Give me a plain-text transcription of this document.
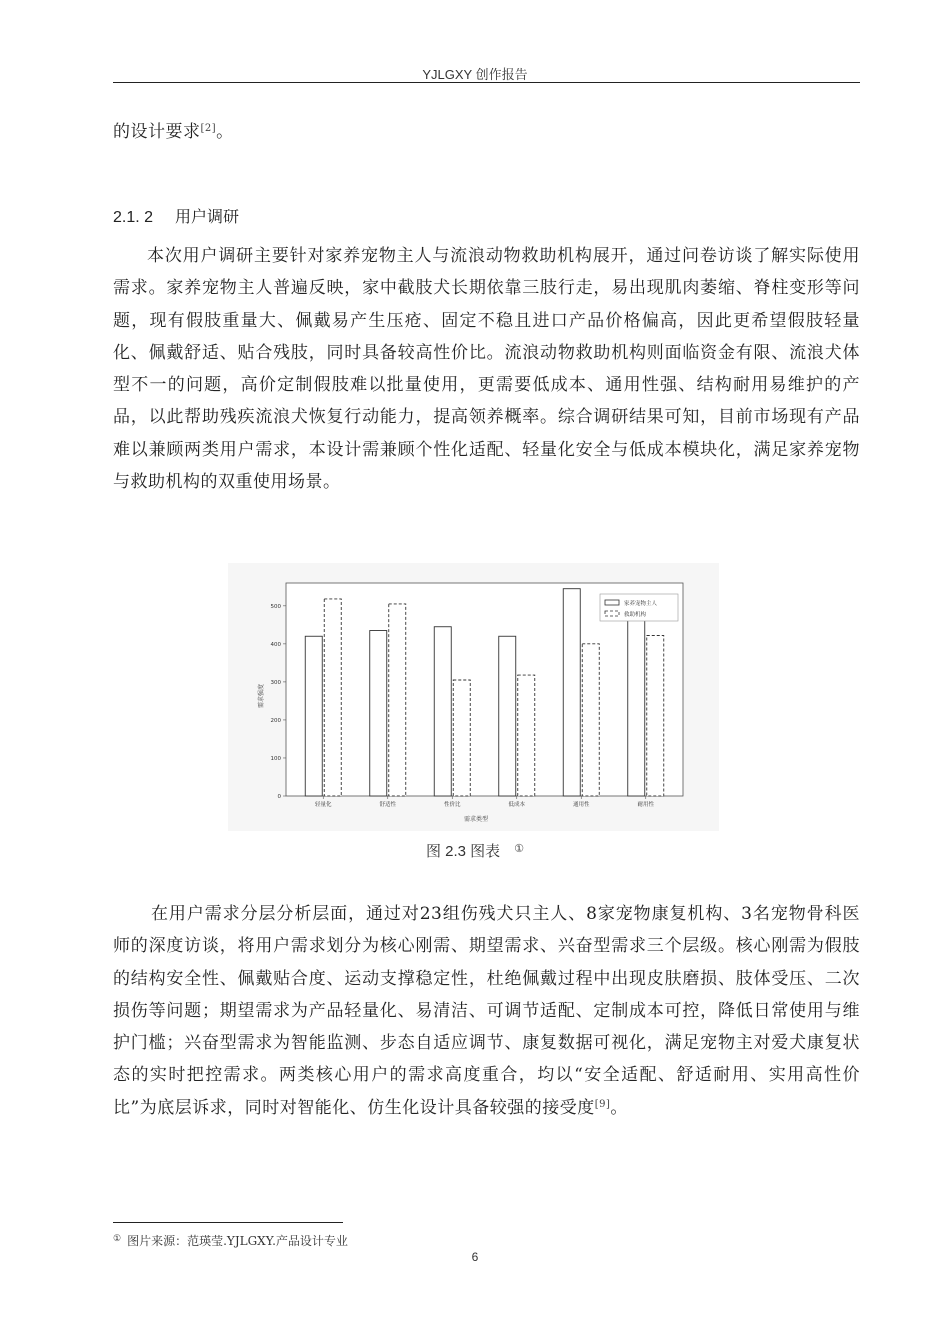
YJLGXY 创作报告

的设计要求[2]。

2.1. 2 用户调研

本次用户调研主要针对家养宠物主人与流浪动物救助机构展开，通过问卷访谈了解实际使用需求。家养宠物主人普遍反映，家中截肢犬长期依靠三肢行走，易出现肌肉萎缩、脊柱变形等问题，现有假肢重量大、佩戴易产生压疮、固定不稳且进口产品价格偏高，因此更希望假肢轻量化、佩戴舒适、贴合残肢，同时具备较高性价比。流浪动物救助机构则面临资金有限、流浪犬体型不一的问题，高价定制假肢难以批量使用，更需要低成本、通用性强、结构耐用易维护的产品，以此帮助残疾流浪犬恢复行动能力，提高领养概率。综合调研结果可知，目前市场现有产品难以兼顾两类用户需求，本设计需兼顾个性化适配、轻量化安全与低成本模块化，满足家养宠物与救助机构的双重使用场景。

需求强度
需求类型
0
100
200
300
400
500
轻量化	舒适性	性价比	低成本	通用性	耐用性
家养宠物主人
救助机构
图 2.3 图表 ①

在用户需求分层分析层面，通过对23组伤残犬只主人、8家宠物康复机构、3名宠物骨科医师的深度访谈，将用户需求划分为核心刚需、期望需求、兴奋型需求三个层级。核心刚需为假肢的结构安全性、佩戴贴合度、运动支撑稳定性，杜绝佩戴过程中出现皮肤磨损、肢体受压、二次损伤等问题；期望需求为产品轻量化、易清洁、可调节适配、定制成本可控，降低日常使用与维护门槛；兴奋型需求为智能监测、步态自适应调节、康复数据可视化，满足宠物主对爱犬康复状态的实时把控需求。两类核心用户的需求高度重合，均以“安全适配、舒适耐用、实用高性价比”为底层诉求，同时对智能化、仿生化设计具备较强的接受度[9]。

① 图片来源：范瑛莹.YJLGXY.产品设计专业
6
